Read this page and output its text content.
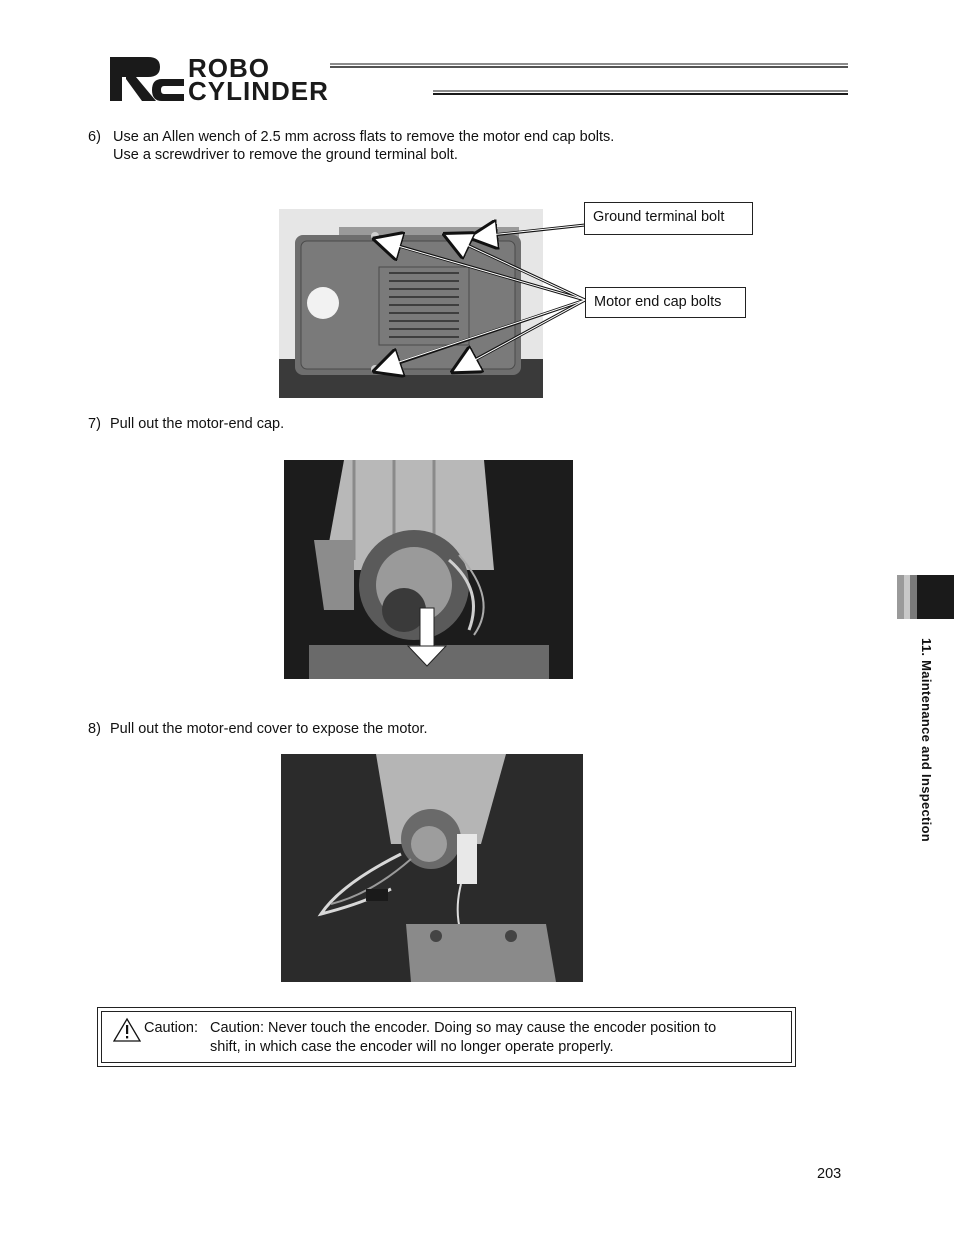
ROBO
CYLINDER
6) Use an Allen wench of 2.5 mm across flats to remove the motor end cap bolts.
Use a screwdriver to remove the ground terminal bolt.
Ground terminal bolt
Motor end cap bolts
7) Pull out the motor-end cap.
8) Pull out the motor-end cover to expose the motor.
Caution: Caution: Never touch the encoder. Doing so may cause the encoder position to
shift, in which case the encoder will no longer operate properly.
11. Maintenance and Inspection
203
